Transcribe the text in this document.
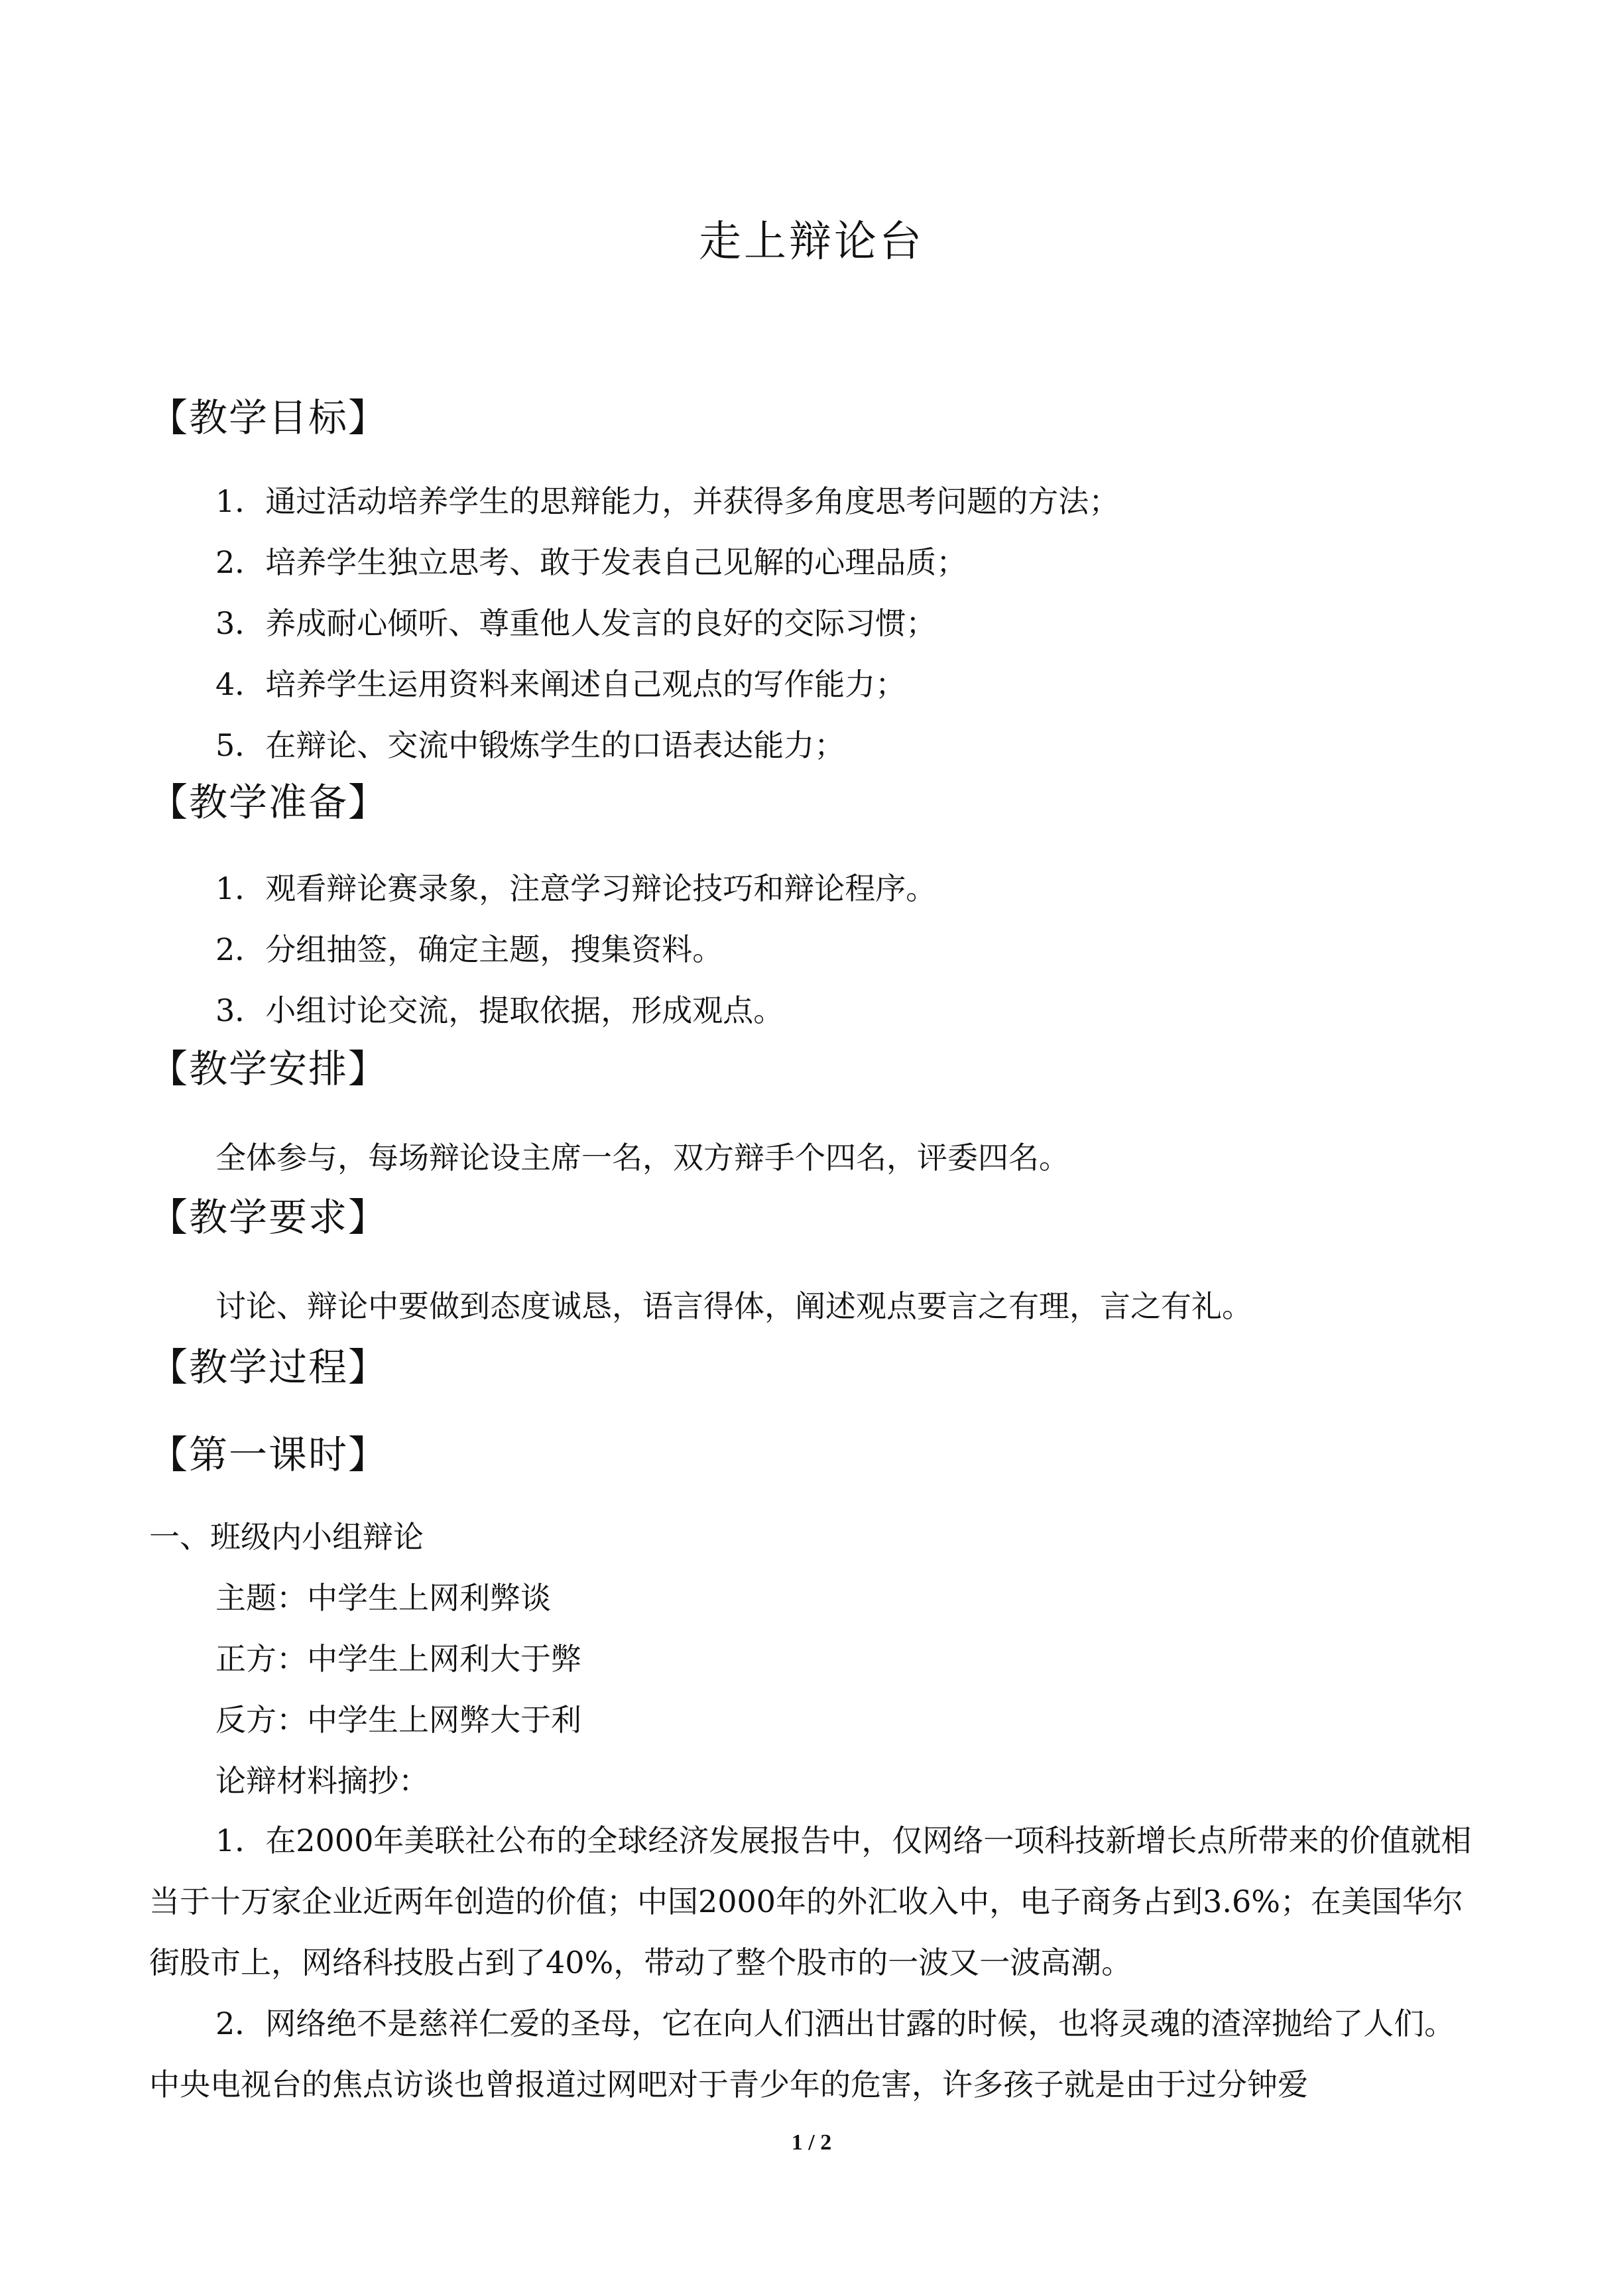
走上辩论台
【教学目标】
1．通过活动培养学生的思辩能力，并获得多角度思考问题的方法；
2．培养学生独立思考、敢于发表自己见解的心理品质；
3．养成耐心倾听、尊重他人发言的良好的交际习惯；
4．培养学生运用资料来阐述自己观点的写作能力；
5．在辩论、交流中锻炼学生的口语表达能力；
【教学准备】
1．观看辩论赛录象，注意学习辩论技巧和辩论程序。
2．分组抽签，确定主题，搜集资料。
3．小组讨论交流，提取依据，形成观点。
【教学安排】
全体参与，每场辩论设主席一名，双方辩手个四名，评委四名。
【教学要求】
讨论、辩论中要做到态度诚恳，语言得体，阐述观点要言之有理，言之有礼。
【教学过程】
【第一课时】
一、班级内小组辩论
主题：中学生上网利弊谈
正方：中学生上网利大于弊
反方：中学生上网弊大于利
论辩材料摘抄：
1．在2000年美联社公布的全球经济发展报告中，仅网络一项科技新增长点所带来的价值就相当于十万家企业近两年创造的价值；中国2000年的外汇收入中，电子商务占到3.6%；在美国华尔街股市上，网络科技股占到了40%，带动了整个股市的一波又一波高潮。
2．网络绝不是慈祥仁爱的圣母，它在向人们洒出甘露的时候，也将灵魂的渣滓抛给了人们。中央电视台的焦点访谈也曾报道过网吧对于青少年的危害，许多孩子就是由于过分钟爱
1 / 2
